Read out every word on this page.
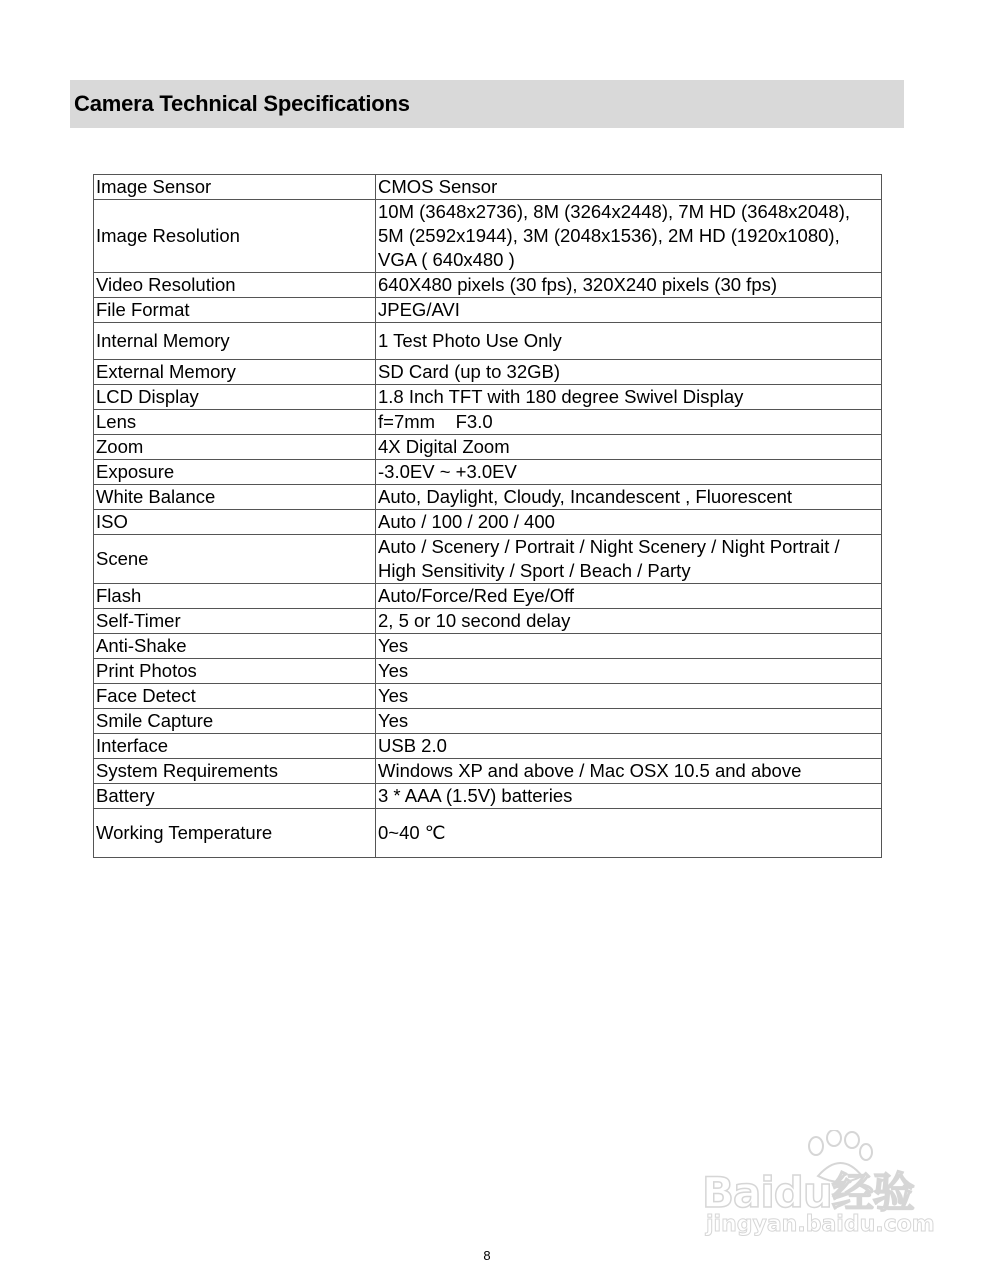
Camera Technical Specifications
Image Sensor	CMOS Sensor
Image Resolution	10M (3648x2736), 8M (3264x2448), 7M HD (3648x2048), 5M (2592x1944), 3M (2048x1536), 2M HD (1920x1080), VGA ( 640x480 )
Video Resolution	640X480 pixels (30 fps), 320X240 pixels (30 fps)
File Format	JPEG/AVI
Internal Memory	1 Test Photo Use Only
External Memory	SD Card (up to 32GB)
LCD Display	1.8 Inch TFT with 180 degree Swivel Display
Lens	f=7mm    F3.0
Zoom	4X Digital Zoom
Exposure	-3.0EV ~ +3.0EV
White Balance	Auto, Daylight, Cloudy, Incandescent , Fluorescent
ISO	Auto / 100 / 200 / 400
Scene	Auto / Scenery / Portrait / Night Scenery / Night Portrait / High Sensitivity / Sport / Beach / Party
Flash	Auto/Force/Red Eye/Off
Self-Timer	2, 5 or 10 second delay
Anti-Shake	Yes
Print Photos	Yes
Face Detect	Yes
Smile Capture	Yes
Interface	USB 2.0
System Requirements	Windows XP and above / Mac OSX 10.5 and above
Battery	3 * AAA (1.5V) batteries
Working Temperature	0~40 ℃
Baidu经验
jingyan.baidu.com
8
